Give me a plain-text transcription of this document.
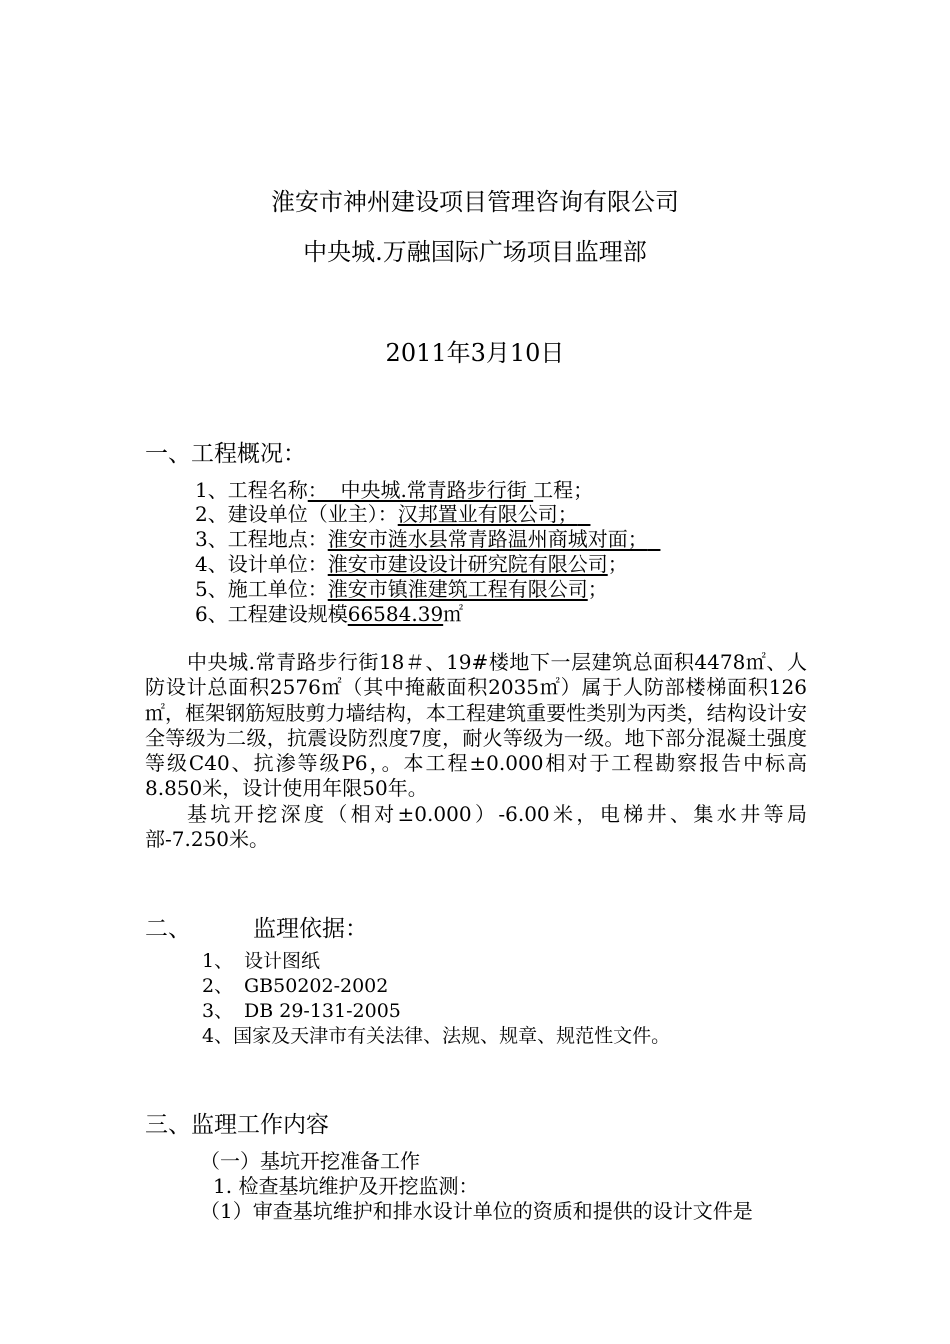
淮安市神州建设项目管理咨询有限公司
中央城.万融国际广场项目监理部
2011年3月10日
一、工程概况：
1、工程名称：  中央城.常青路步行街 工程；
2、建设单位（业主）：汉邦置业有限公司；
3、工程地点：淮安市涟水县常青路温州商城对面；
4、设计单位：淮安市建设设计研究院有限公司；
5、施工单位：淮安市镇淮建筑工程有限公司；
6、工程建设规模66584.39㎡

中央城.常青路步行街18＃、19#楼地下一层建筑总面积4478㎡、人防设计总面积2576㎡（其中掩蔽面积2035㎡）属于人防部楼梯面积126㎡，框架钢筋短肢剪力墙结构，本工程建筑重要性类别为丙类，结构设计安全等级为二级，抗震设防烈度7度，耐火等级为一级。地下部分混凝土强度等级C40、抗渗等级P6，。本工程±0.000相对于工程勘察报告中标高8.850米，设计使用年限50年。

基坑开挖深度（相对±0.000）-6.00米，电梯井、集水井等局部-7.250米。

二、	监理依据：
1、 设计图纸
2、 GB50202-2002
3、 DB 29-131-2005
4、国家及天津市有关法律、法规、规章、规范性文件。
三、监理工作内容
（一）基坑开挖准备工作
1. 检查基坑维护及开挖监测：
（1）审查基坑维护和排水设计单位的资质和提供的设计文件是
